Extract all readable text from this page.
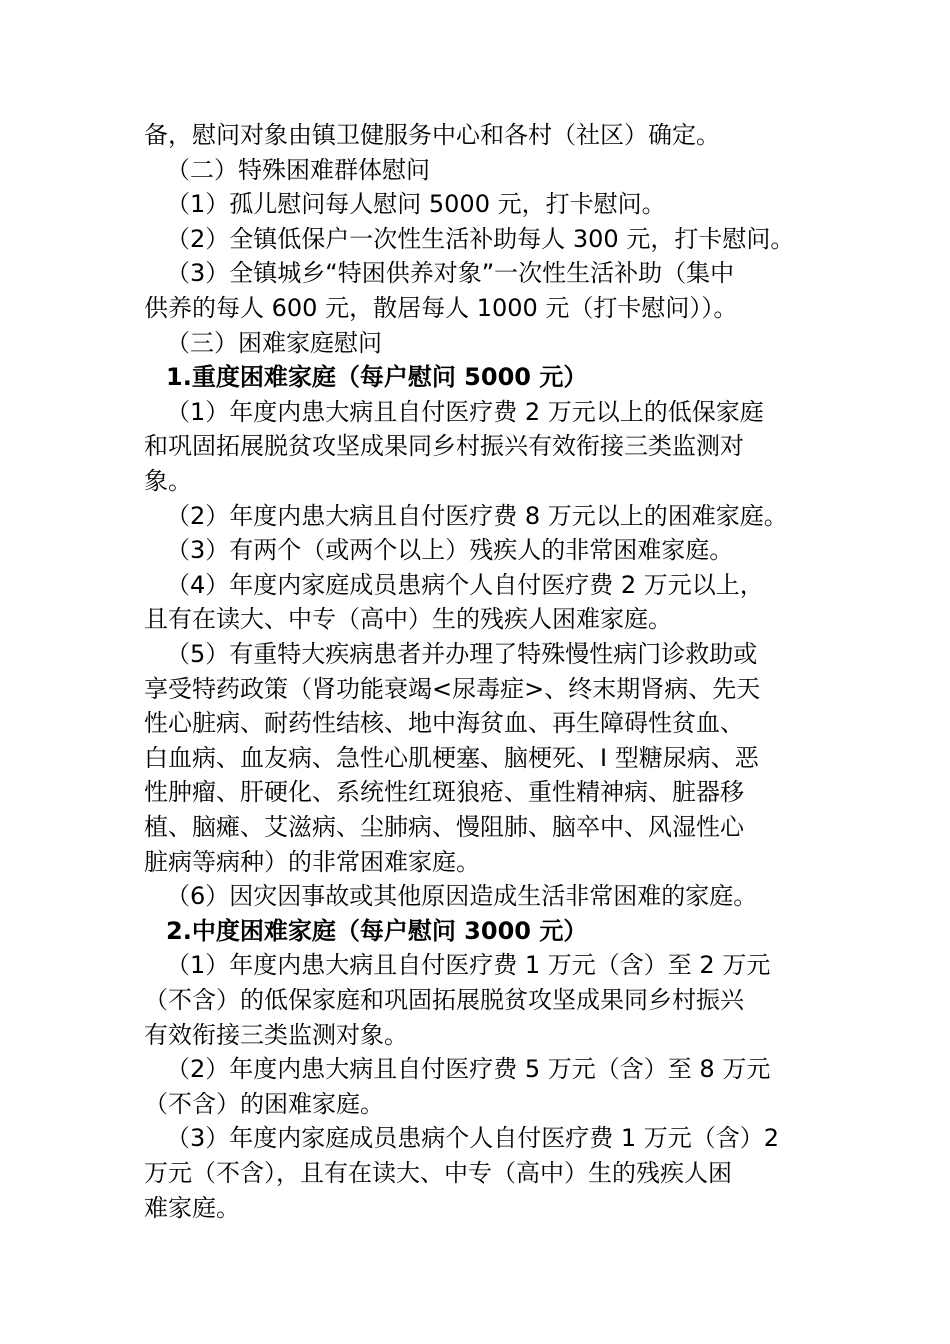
备，慰问对象由镇卫健服务中心和各村（社区）确定。
（二）特殊困难群体慰问
（1）孤儿慰问每人慰问 5000 元，打卡慰问。
（2）全镇低保户一次性生活补助每人 300 元，打卡慰问。
（3）全镇城乡“特困供养对象”一次性生活补助（集中
供养的每人 600 元，散居每人 1000 元（打卡慰问））。
（三）困难家庭慰问
1.重度困难家庭（每户慰问 5000 元）
（1）年度内患大病且自付医疗费 2 万元以上的低保家庭
和巩固拓展脱贫攻坚成果同乡村振兴有效衔接三类监测对
象。
（2）年度内患大病且自付医疗费 8 万元以上的困难家庭。
（3）有两个（或两个以上）残疾人的非常困难家庭。
（4）年度内家庭成员患病个人自付医疗费 2 万元以上，
且有在读大、中专（高中）生的残疾人困难家庭。
（5）有重特大疾病患者并办理了特殊慢性病门诊救助或
享受特药政策（肾功能衰竭<尿毒症>、终末期肾病、先天
性心脏病、耐药性结核、地中海贫血、再生障碍性贫血、
白血病、血友病、急性心肌梗塞、脑梗死、I 型糖尿病、恶
性肿瘤、肝硬化、系统性红斑狼疮、重性精神病、脏器移
植、脑瘫、艾滋病、尘肺病、慢阻肺、脑卒中、风湿性心
脏病等病种）的非常困难家庭。
（6）因灾因事故或其他原因造成生活非常困难的家庭。
2.中度困难家庭（每户慰问 3000 元）
（1）年度内患大病且自付医疗费 1 万元（含）至 2 万元
（不含）的低保家庭和巩固拓展脱贫攻坚成果同乡村振兴
有效衔接三类监测对象。
（2）年度内患大病且自付医疗费 5 万元（含）至 8 万元
（不含）的困难家庭。
（3）年度内家庭成员患病个人自付医疗费 1 万元（含）2
万元（不含），且有在读大、中专（高中）生的残疾人困
难家庭。
